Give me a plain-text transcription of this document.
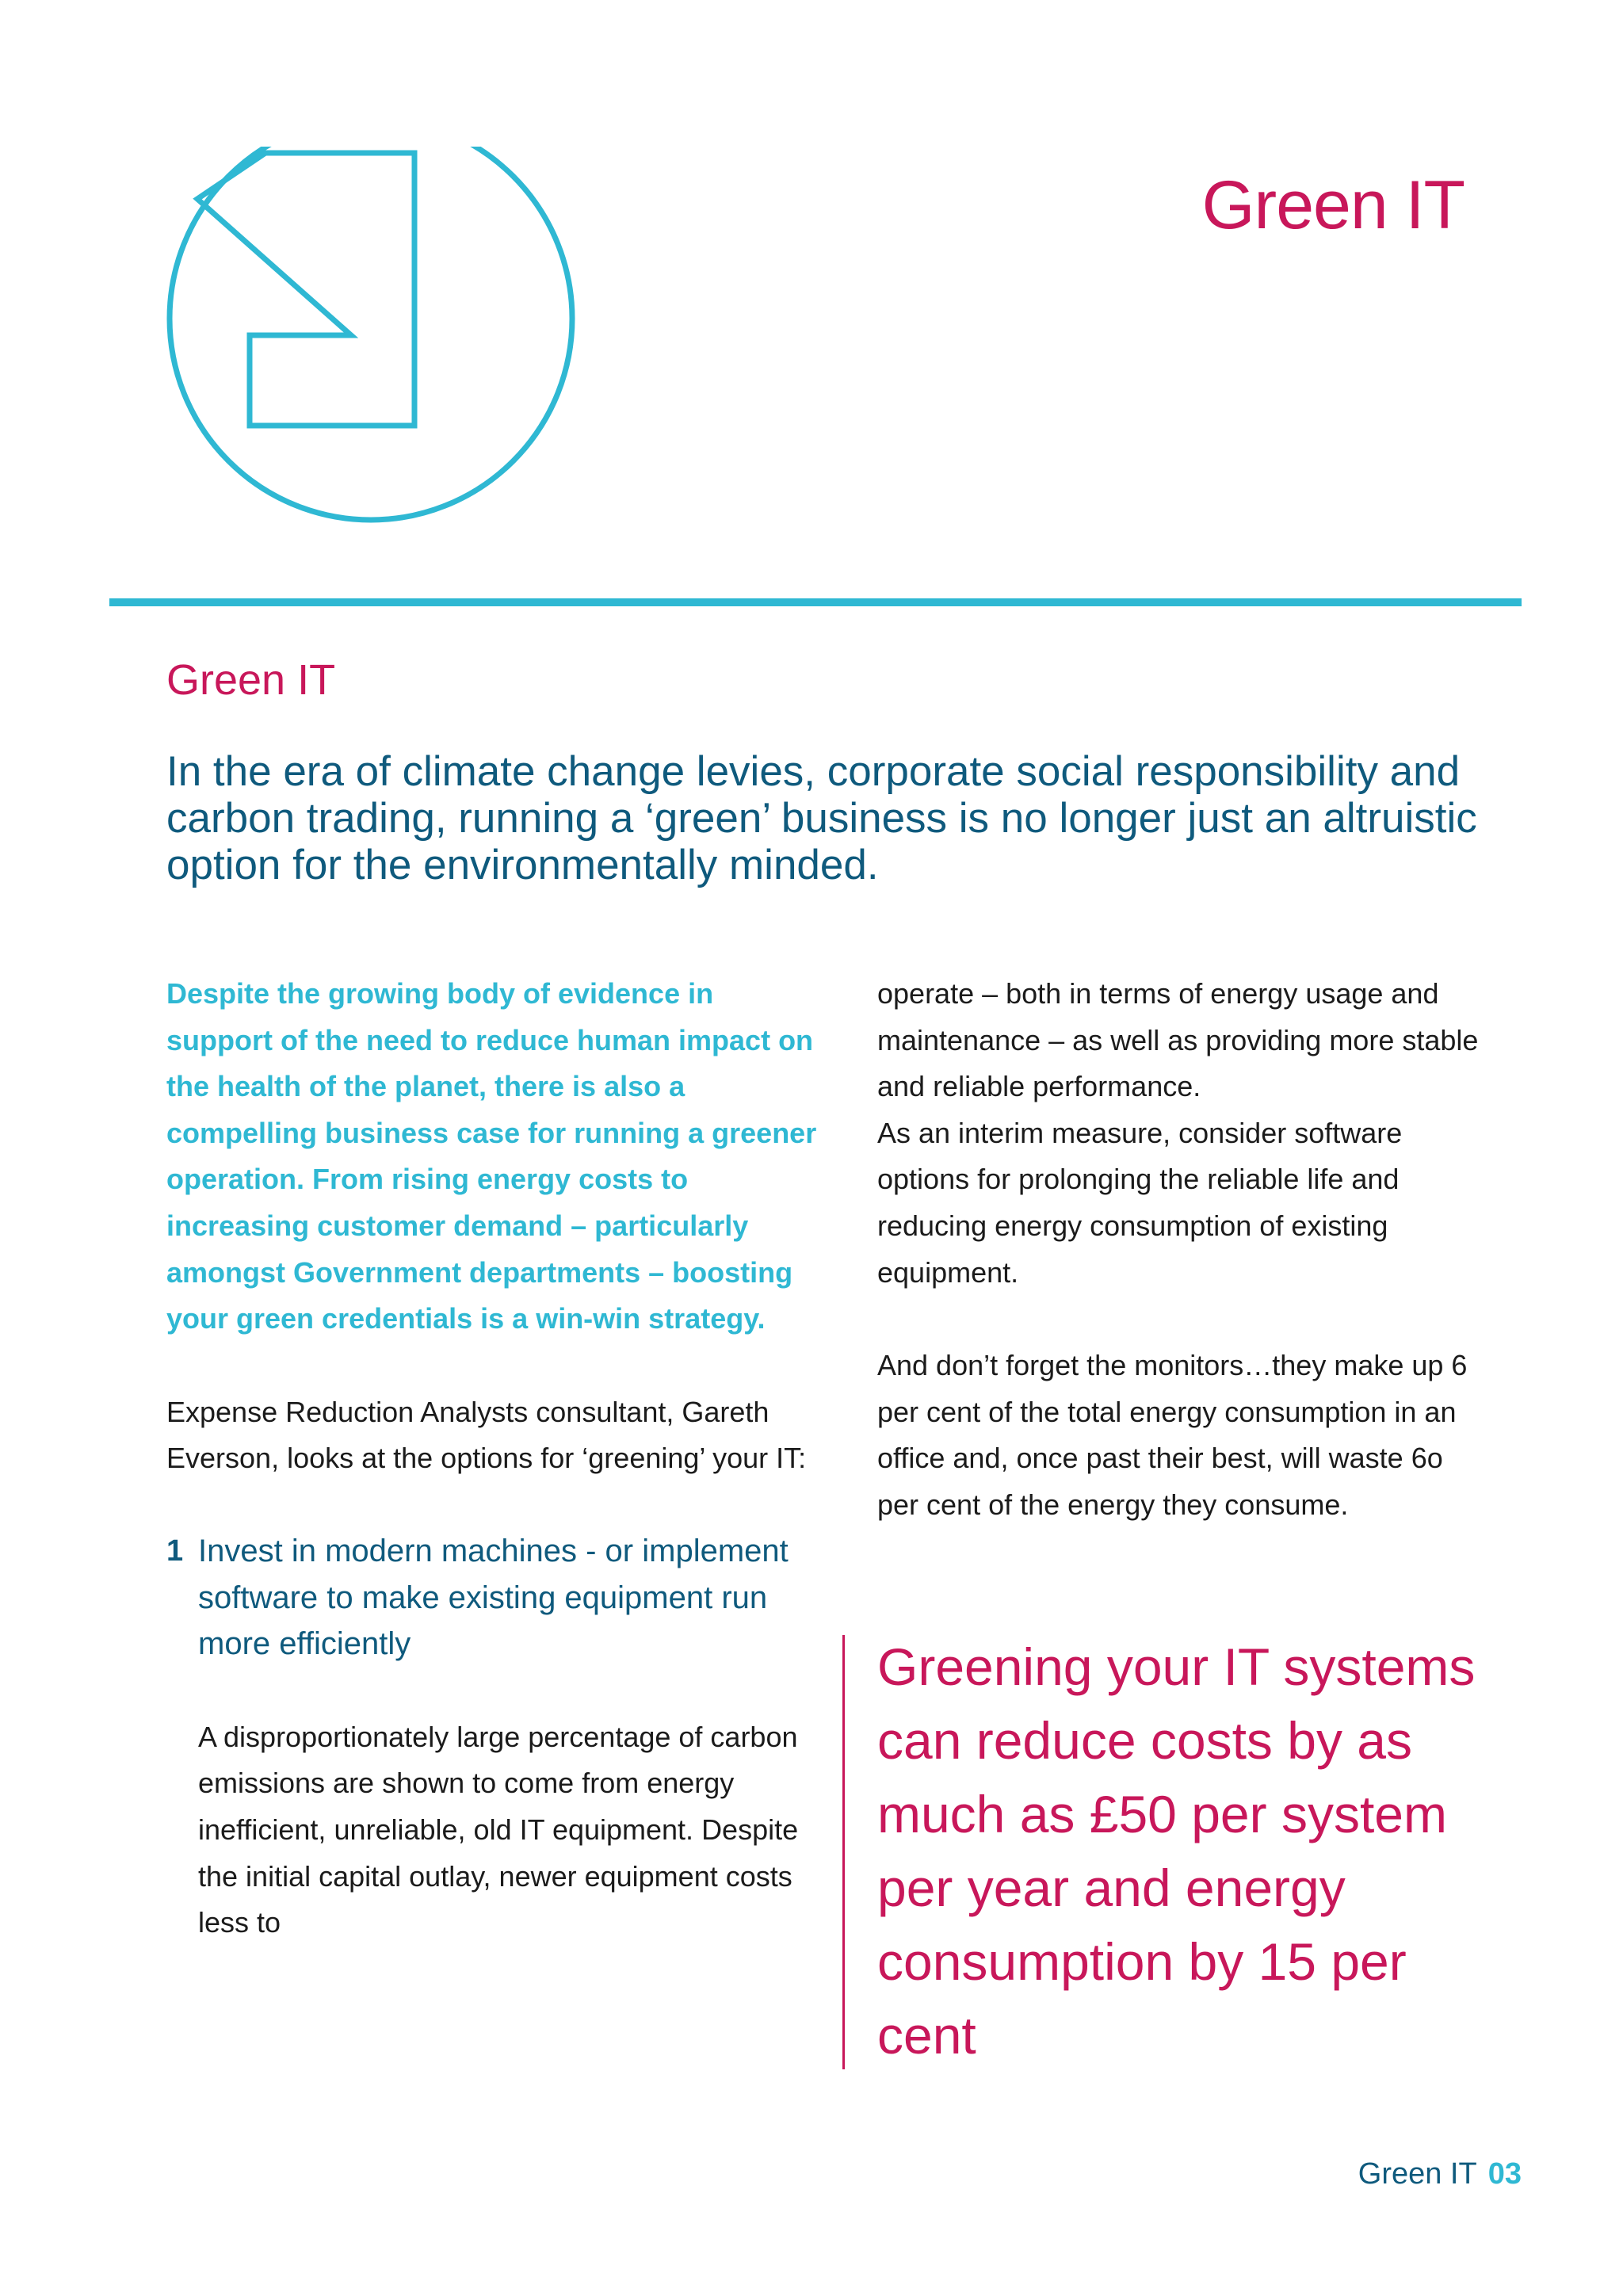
Green IT
Green IT

In the era of climate change levies, corporate social responsibility and carbon trading, running a ‘green’ business is no longer just an altruistic option for the environmentally minded.

Despite the growing body of evidence in support of the need to reduce human impact on the health of the planet, there is also a compelling business case for running a greener operation. From rising energy costs to increasing customer demand – particularly amongst Government departments – boosting your green credentials is a win-win strategy.

Expense Reduction Analysts consultant, Gareth Everson, looks at the options for ‘greening’ your IT:

1 Invest in modern machines - or implement software to make existing equipment run more efficiently

A disproportionately large percentage of carbon emissions are shown to come from energy inefficient, unreliable, old IT equipment. Despite the initial capital outlay, newer equipment costs less to

operate – both in terms of energy usage and maintenance – as well as providing more stable and reliable performance.

As an interim measure, consider software options for prolonging the reliable life and reducing energy consumption of existing equipment.

And don’t forget the monitors…they make up 6 per cent of the total energy consumption in an office and, once past their best, will waste 6o per cent of the energy they consume.

Greening your IT systems can reduce costs by as much as £50 per system per year and energy consumption by 15 per cent

Green IT 03
